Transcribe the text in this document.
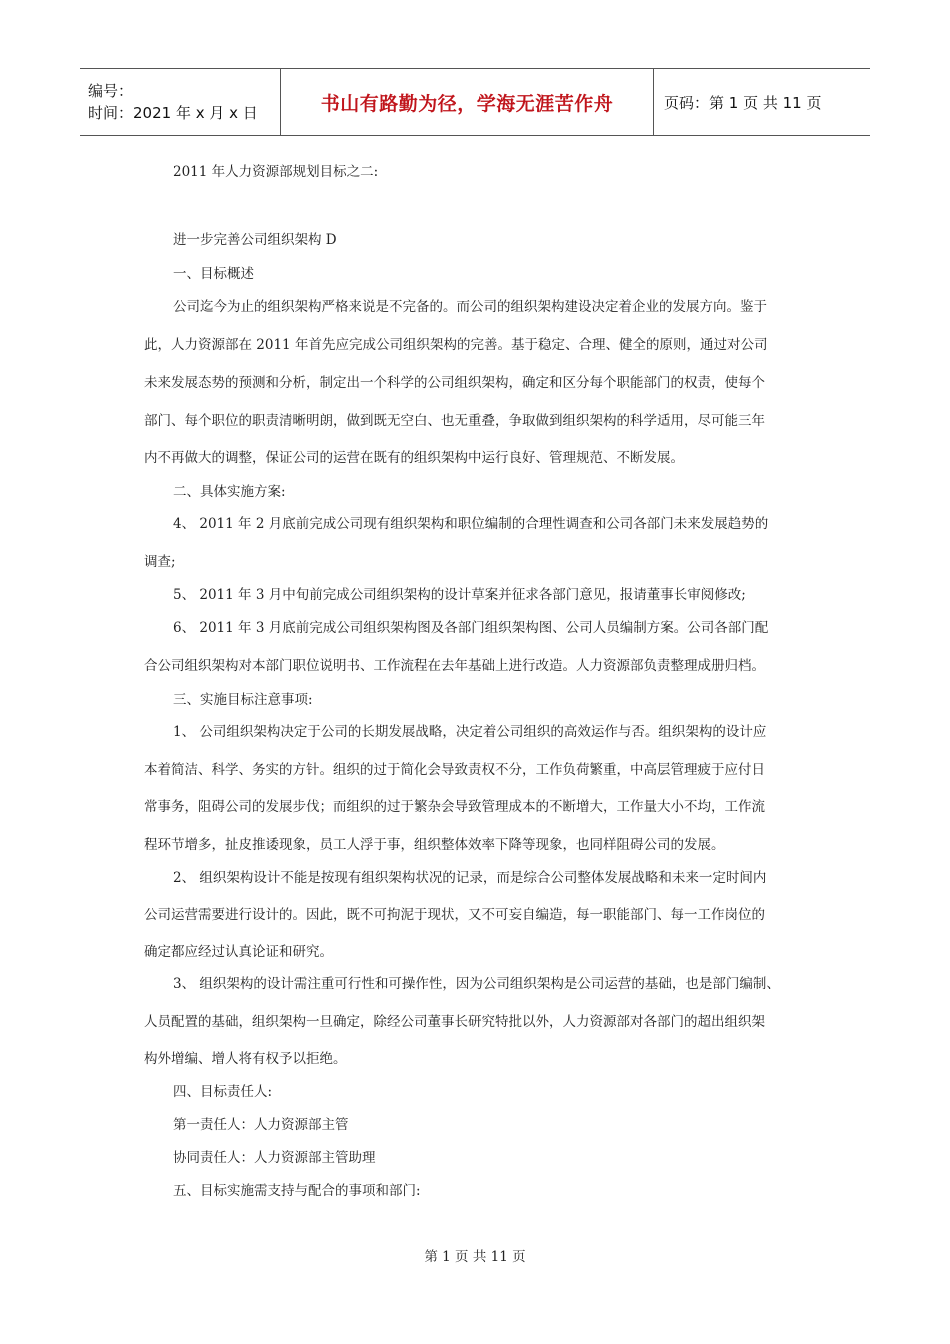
编号：
时间：2021 年 x 月 x 日	书山有路勤为径，学海无涯苦作舟	页码：第 1 页 共 11 页
2011 年人力资源部规划目标之二:
进一步完善公司组织架构 D
一、目标概述
公司迄今为止的组织架构严格来说是不完备的。而公司的组织架构建设决定着企业的发展方向。鉴于
此，人力资源部在 2011 年首先应完成公司组织架构的完善。基于稳定、合理、健全的原则，通过对公司
未来发展态势的预测和分析，制定出一个科学的公司组织架构，确定和区分每个职能部门的权责，使每个
部门、每个职位的职责清晰明朗，做到既无空白、也无重叠，争取做到组织架构的科学适用，尽可能三年
内不再做大的调整，保证公司的运营在既有的组织架构中运行良好、管理规范、不断发展。
二、具体实施方案:
4、 2011 年 2 月底前完成公司现有组织架构和职位编制的合理性调查和公司各部门未来发展趋势的
调查;
5、 2011 年 3 月中旬前完成公司组织架构的设计草案并征求各部门意见，报请董事长审阅修改;
6、 2011 年 3 月底前完成公司组织架构图及各部门组织架构图、公司人员编制方案。公司各部门配
合公司组织架构对本部门职位说明书、工作流程在去年基础上进行改造。人力资源部负责整理成册归档。
三、实施目标注意事项:
1、 公司组织架构决定于公司的长期发展战略，决定着公司组织的高效运作与否。组织架构的设计应
本着简洁、科学、务实的方针。组织的过于简化会导致责权不分，工作负荷繁重，中高层管理疲于应付日
常事务，阻碍公司的发展步伐；而组织的过于繁杂会导致管理成本的不断增大，工作量大小不均，工作流
程环节增多，扯皮推诿现象，员工人浮于事，组织整体效率下降等现象，也同样阻碍公司的发展。
2、 组织架构设计不能是按现有组织架构状况的记录，而是综合公司整体发展战略和未来一定时间内
公司运营需要进行设计的。因此，既不可拘泥于现状，又不可妄自编造，每一职能部门、每一工作岗位的
确定都应经过认真论证和研究。
3、 组织架构的设计需注重可行性和可操作性，因为公司组织架构是公司运营的基础，也是部门编制、
人员配置的基础，组织架构一旦确定，除经公司董事长研究特批以外，人力资源部对各部门的超出组织架
构外增编、增人将有权予以拒绝。
四、目标责任人:
第一责任人：人力资源部主管
协同责任人：人力资源部主管助理
五、目标实施需支持与配合的事项和部门:
第 1 页 共 11 页
